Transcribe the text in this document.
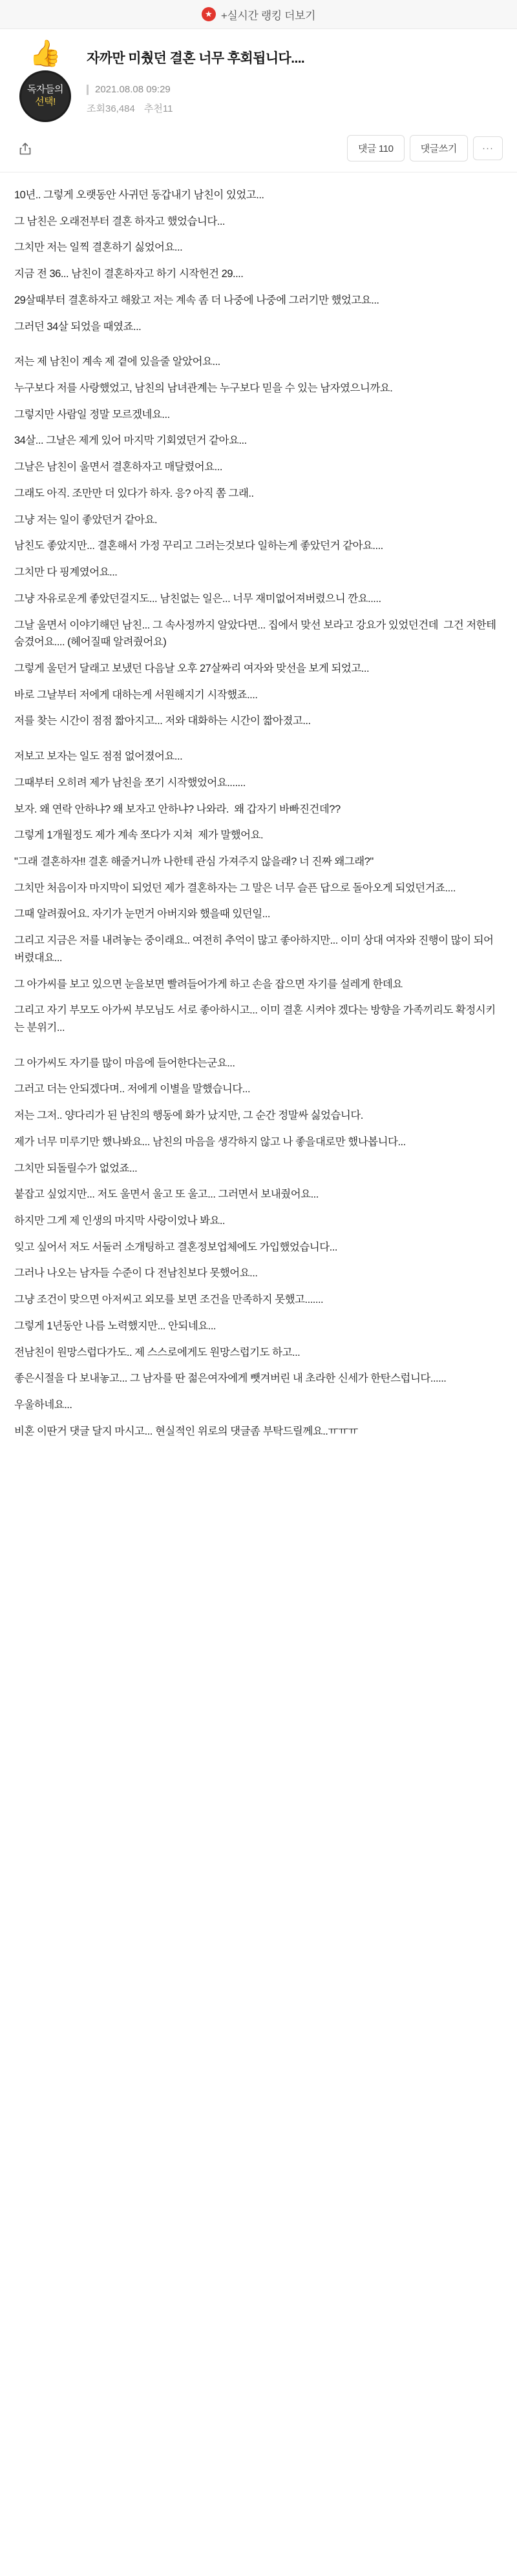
★ +실시간 랭킹 더보기
👍
독자들의
선택!
자까만 미췄던 결혼 너무 후회됩니다....
2021.08.08 09:29
조회36,484 추천11
댓글 110	댓글쓰기	···

10년.. 그렇게 오랫동안 사귀던 동갑내기 남친이 있었고...

그 남친은 오래전부터 결혼 하자고 했었습니다...

그치만 저는 일찍 결혼하기 싫었어요...

지금 전 36... 남친이 결혼하자고 하기 시작헌건 29....

29살때부터 결혼하자고 해왔고 저는 계속 좀 더 나중에 나중에 그러기만 했었고요...

그러던 34살 되었을 때였죠...

저는 제 남친이 계속 제 곁에 있을줄 알았어요...

누구보다 저를 사랑했었고, 남친의 남녀관계는 누구보다 믿을 수 있는 남자였으니까요.

그렇지만 사람일 정말 모르겠네요...

34살... 그날은 제게 있어 마지막 기회였던거 같아요...

그날은 남친이 울면서 결혼하자고 매달렸어요...

그래도 아직. 조만만 더 있다가 하자. 응? 아직 쫌 그래..

그냥 저는 일이 좋았던거 같아요.

남친도 좋았지만... 결혼해서 가정 꾸리고 그러는것보다 일하는게 좋았던거 같아요....

그치만 다 핑계였어요...

그냥 자유로운게 좋았던걸지도... 남친없는 일은... 너무 재미없어져버렸으니 깐요.....

그날 울면서 이야기해던 남친... 그 속사정까지 알았다면... 집에서 맞선 보라고 강요가 있었던건데  그건 저한테 숨겼어요.... (헤어질때 알려줬어요)

그렇게 울던거 달래고 보냈던 다음날 오후 27살짜리 여자와 맞선을 보게 되었고...

바로 그날부터 저에게 대하는게 서원해지기 시작했죠....

저를 찾는 시간이 점점 짧아지고... 저와 대화하는 시간이 짧아졌고...

저보고 보자는 일도 점점 없어졌어요...

그때부터 오히려 제가 남친을 쪼기 시작했었어요.......

보자. 왜 연락 안하냐? 왜 보자고 안하냐? 나와라.  왜 갑자기 바빠진건데??

그렇게 1개월정도 제가 계속 쪼다가 지쳐  제가 말했어요.

"그래 결혼하자!! 결혼 해줄거니까 나한테 관심 가져주지 않을래? 너 진짜 왜그래?"

그치만 처음이자 마지막이 되었던 제가 결혼하자는 그 말은 너무 슬픈 답으로 돌아오게 되었던거죠....

그때 알려줬어요. 자기가 눈먼거 아버지와 했을때 있던일...

그리고 지금은 저를 내려놓는 중이래요.. 여전히 추억이 많고 좋아하지만... 이미 상대 여자와 진행이 많이 되어 버렸대요...

그 아가씨를 보고 있으면 눈을보면 빨려들어가게 하고 손을 잡으면 자기를 설레게 한데요

그리고 자기 부모도 아가씨 부모님도 서로 좋아하시고... 이미 결혼 시켜야 겠다는 방향을 가족끼리도 확정시키는 분위기...

그 아가씨도 자기를 많이 마음에 들어한다는군요...

그러고 더는 안되겠다며.. 저에게 이별을 말했습니다...

저는 그저.. 양다리가 된 남친의 행동에 화가 났지만, 그 순간 정말싸 싫었습니다.

제가 너무 미루기만 했나봐요... 남친의 마음을 생각하지 않고 나 좋을대로만 했나봅니다...

그치만 되돌릴수가 없었죠...

붙잡고 싶었지만... 저도 울면서 울고 또 울고... 그러면서 보내줬어요...

하지만 그게 제 인생의 마지막 사랑이었나 봐요..

잊고 싶어서 저도 서둘러 소개팅하고 결혼정보업체에도 가입했었습니다...

그러나 나오는 남자들 수준이 다 전남친보다 못했어요...

그냥 조건이 맞으면 아저씨고 외모를 보면 조건을 만족하지 못했고.......

그렇게 1년동안 나름 노력했지만... 안되네요...

전남친이 원망스럽다가도.. 제 스스로에게도 원망스럽기도 하고...

좋은시절을 다 보내놓고... 그 남자를 딴 젊은여자에게 뺏겨버린 내 초라한 신세가 한탄스럽니다......

우울하네요...

비혼 이딴거 댓글 달지 마시고... 현실적인 위로의 댓글좀 부탁드릴께요..ㅠㅠㅠ
